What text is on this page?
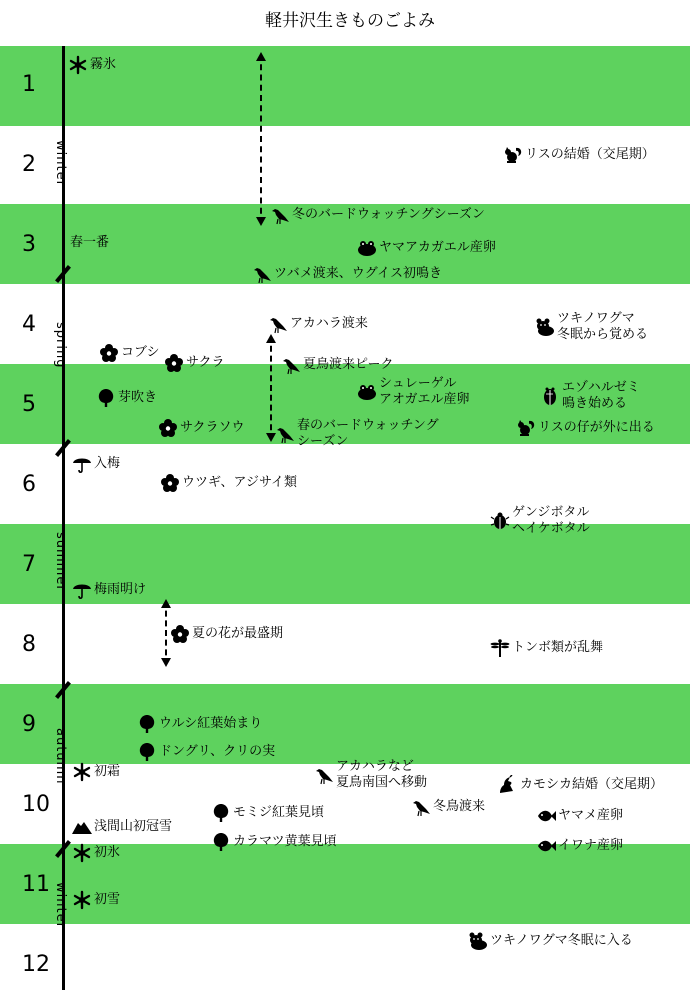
軽井沢生きものごよみ
1
2
3
4
5
6
7
8
9
10
11
12
winter
spring
summer
autumn
winter
霧氷
リスの結婚（交尾期）
冬のバードウォッチングシーズン
春一番	ヤマアカガエル産卵
ツバメ渡来、ウグイス初鳴き
アカハラ渡来	ツキノワグマ
冬眠から覚める
コブシ
サクラ	夏鳥渡来ピーク
芽吹き
シュレーゲル
アオガエル産卵
エゾハルゼミ
鳴き始める
サクラソウ	春のバードウォッチング
シーズン
リスの仔が外に出る
入梅
ウツギ、アジサイ類
ゲンジボタル
ヘイケボタル
梅雨明け
夏の花が最盛期
トンボ類が乱舞
ウルシ紅葉始まり
ドングリ、クリの実
初霜	アカハラなど
夏鳥南国へ移動	カモシカ結婚（交尾期）
冬鳥渡来
ヤマメ産卵
モミジ紅葉見頃
浅間山初冠雪
カラマツ黄葉見頃	イワナ産卵
初氷
初雪
ツキノワグマ冬眠に入る
